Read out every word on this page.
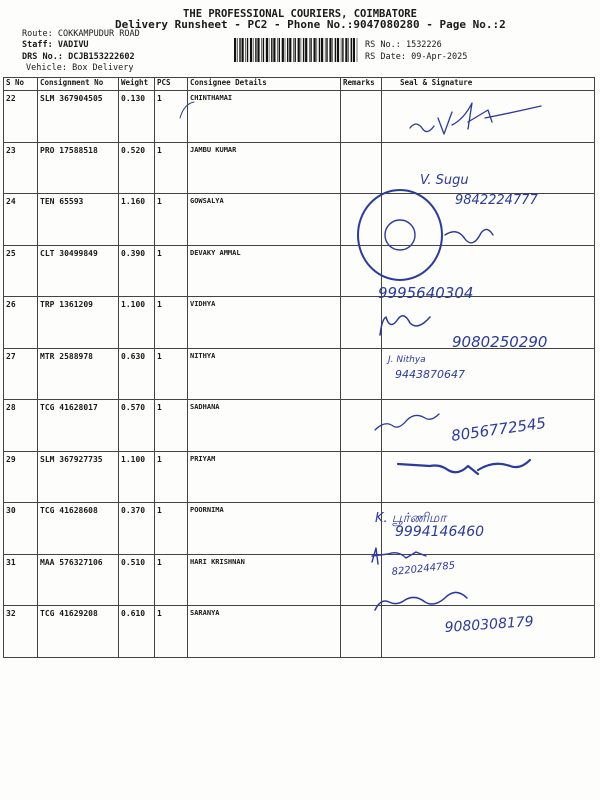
THE PROFESSIONAL COURIERS, COIMBATORE
Delivery Runsheet - PC2 - Phone No.:9047080280 - Page No.:2
Route: COKKAMPUDUR ROAD
Staff: VADIVU
DRS No.: DCJB153222602
Vehicle: Box Delivery
RS No.: 1532226
RS Date: 09-Apr-2025
S No	Consignment No	Weight	PCS	Consignee Details	Remarks	Seal & Signature
22	SLM 367904505	0.130	1	CHINTHAMAI		
23	PRO 17588518	0.520	1	JAMBU KUMAR		
24	TEN 65593	1.160	1	GOWSALYA		
25	CLT 30499849	0.390	1	DEVAKY AMMAL		
26	TRP 1361209	1.100	1	VIDHYA		
27	MTR 2588978	0.630	1	NITHYA		
28	TCG 41628017	0.570	1	SADHANA		
29	SLM 367927735	1.100	1	PRIYAM		
30	TCG 41628608	0.370	1	POORNIMA		
31	MAA 576327106	0.510	1	HARI KRISHNAN		
32	TCG 41629208	0.610	1	SARANYA		
V. Sugu
9842224777
9995640304
9080250290
J. Nithya
9443870647
8056772545
K. பூர்ணிமா
9994146460
8220244785
9080308179
